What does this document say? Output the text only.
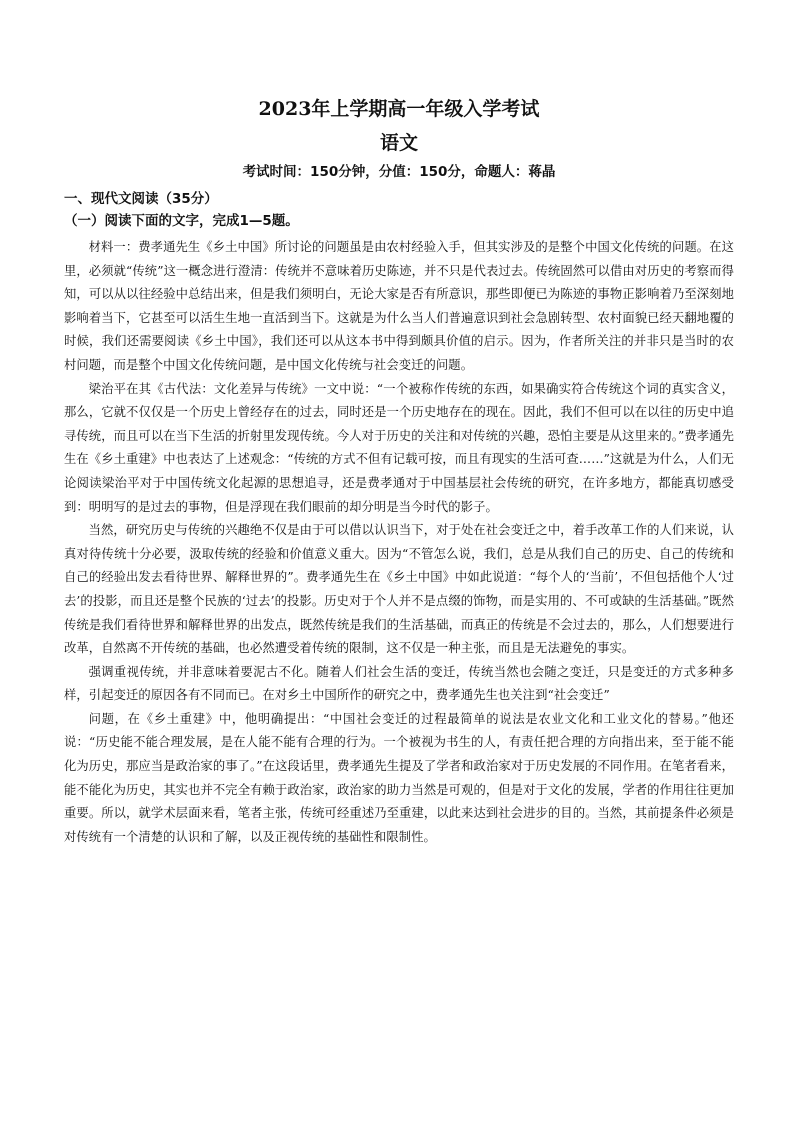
2023年上学期高一年级入学考试
语文
考试时间：150分钟，分值：150分，命题人：蒋晶
一、现代文阅读（35分）
（一）阅读下面的文字，完成1—5题。

材料一：费孝通先生《乡土中国》所讨论的问题虽是由农村经验入手，但其实涉及的是整个中国文化传统的问题。在这里，必须就“传统”这一概念进行澄清：传统并不意味着历史陈迹，并不只是代表过去。传统固然可以借由对历史的考察而得知，可以从以往经验中总结出来，但是我们须明白，无论大家是否有所意识，那些即便已为陈迹的事物正影响着乃至深刻地影响着当下，它甚至可以活生生地一直活到当下。这就是为什么当人们普遍意识到社会急剧转型、农村面貌已经天翻地覆的时候，我们还需要阅读《乡土中国》，我们还可以从这本书中得到颇具价值的启示。因为，作者所关注的并非只是当时的农村问题，而是整个中国文化传统问题，是中国文化传统与社会变迁的问题。

梁治平在其《古代法：文化差异与传统》一文中说：“一个被称作传统的东西，如果确实符合传统这个词的真实含义，那么，它就不仅仅是一个历史上曾经存在的过去，同时还是一个历史地存在的现在。因此，我们不但可以在以往的历史中追寻传统，而且可以在当下生活的折射里发现传统。今人对于历史的关注和对传统的兴趣，恐怕主要是从这里来的。”费孝通先生在《乡土重建》中也表达了上述观念：“传统的方式不但有记载可按，而且有现实的生活可查……”这就是为什么，人们无论阅读梁治平对于中国传统文化起源的思想追寻，还是费孝通对于中国基层社会传统的研究，在许多地方，都能真切感受到：明明写的是过去的事物，但是浮现在我们眼前的却分明是当今时代的影子。

当然，研究历史与传统的兴趣绝不仅是由于可以借以认识当下，对于处在社会变迁之中，着手改革工作的人们来说，认真对待传统十分必要，汲取传统的经验和价值意义重大。因为“不管怎么说，我们，总是从我们自己的历史、自己的传统和自己的经验出发去看待世界、解释世界的”。费孝通先生在《乡土中国》中如此说道：“每个人的‘当前’，不但包括他个人‘过去’的投影，而且还是整个民族的‘过去’的投影。历史对于个人并不是点缀的饰物，而是实用的、不可或缺的生活基础。”既然传统是我们看待世界和解释世界的出发点，既然传统是我们的生活基础，而真正的传统是不会过去的，那么，人们想要进行改革，自然离不开传统的基础，也必然遭受着传统的限制，这不仅是一种主张，而且是无法避免的事实。

强调重视传统，并非意味着要泥古不化。随着人们社会生活的变迁，传统当然也会随之变迁，只是变迁的方式多种多样，引起变迁的原因各有不同而已。在对乡土中国所作的研究之中，费孝通先生也关注到“社会变迁”

问题，在《乡土重建》中，他明确提出：“中国社会变迁的过程最简单的说法是农业文化和工业文化的替易。”他还说：“历史能不能合理发展，是在人能不能有合理的行为。一个被视为书生的人，有责任把合理的方向指出来，至于能不能化为历史，那应当是政治家的事了。”在这段话里，费孝通先生提及了学者和政治家对于历史发展的不同作用。在笔者看来，能不能化为历史，其实也并不完全有赖于政治家，政治家的助力当然是可观的，但是对于文化的发展，学者的作用往往更加重要。所以，就学术层面来看，笔者主张，传统可经重述乃至重建，以此来达到社会进步的目的。当然，其前提条件必须是对传统有一个清楚的认识和了解，以及正视传统的基础性和限制性。
